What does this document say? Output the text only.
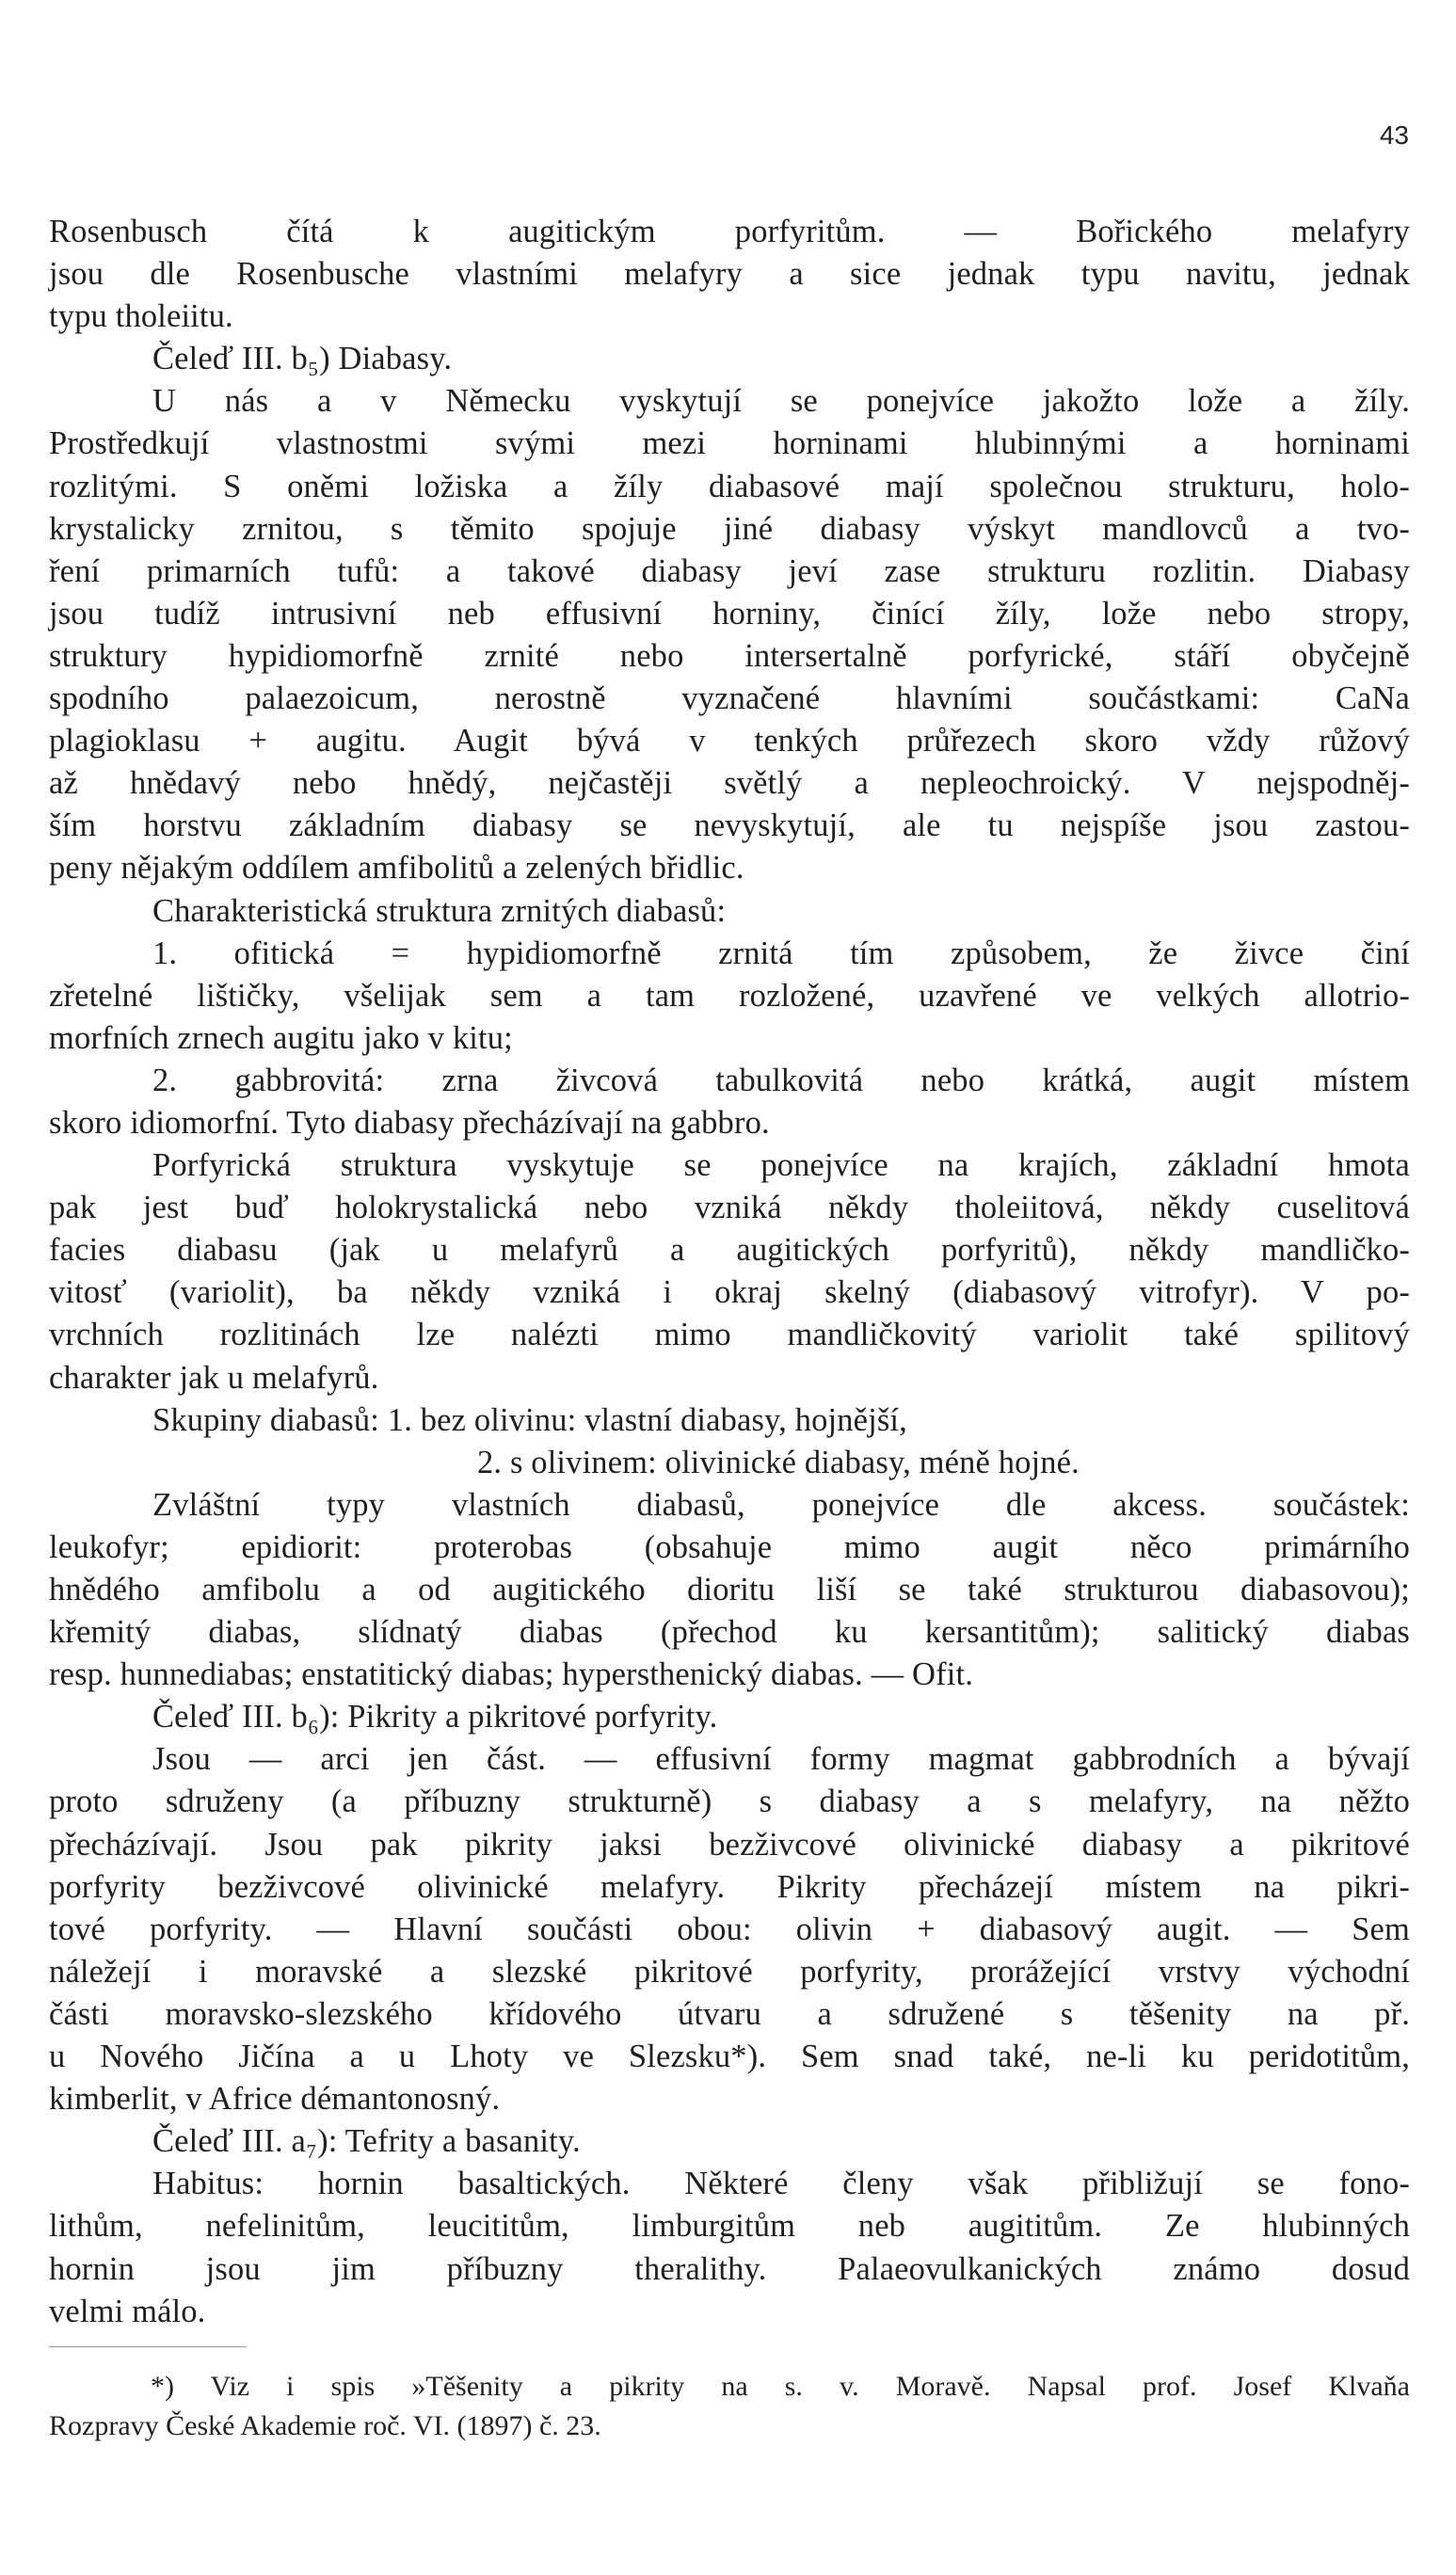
43
Rosenbusch čítá k augitickým porfyritům. — Bořického melafyry
jsou dle Rosenbusche vlastními melafyry a sice jednak typu navitu, jednak
typu tholeiitu.
Čeleď III. b₅) Diabasy.
U nás a v Německu vyskytují se ponejvíce jakožto lože a žíly.
Prostředkují vlastnostmi svými mezi horninami hlubinnými a horninami
rozlitými. S oněmi ložiska a žíly diabasové mají společnou strukturu, holo-
krystalicky zrnitou, s těmito spojuje jiné diabasy výskyt mandlovců a tvo-
ření primarních tufů: a takové diabasy jeví zase strukturu rozlitin. Diabasy
jsou tudíž intrusivní neb effusivní horniny, činící žíly, lože nebo stropy,
struktury hypidiomorfně zrnité nebo intersertalně porfyrické, stáří obyčejně
spodního palaezoicum, nerostně vyznačené hlavními součástkami: CaNa
plagioklasu + augitu. Augit bývá v tenkých průřezech skoro vždy růžový
až hnědavý nebo hnědý, nejčastěji světlý a nepleochroický. V nejspodněj-
ším horstvu základním diabasy se nevyskytují, ale tu nejspíše jsou zastou-
peny nějakým oddílem amfibolitů a zelených břidlic.
Charakteristická struktura zrnitých diabasů:
1. ofitická = hypidiomorfně zrnitá tím způsobem, že živce činí
zřetelné lištičky, všelijak sem a tam rozložené, uzavřené ve velkých allotrio-
morfních zrnech augitu jako v kitu;
2. gabbrovitá: zrna živcová tabulkovitá nebo krátká, augit místem
skoro idiomorfní. Tyto diabasy přecházívají na gabbro.
Porfyrická struktura vyskytuje se ponejvíce na krajích, základní hmota
pak jest buď holokrystalická nebo vzniká někdy tholeiitová, někdy cuselitová
facies diabasu (jak u melafyrů a augitických porfyritů), někdy mandličko-
vitosť (variolit), ba někdy vzniká i okraj skelný (diabasový vitrofyr). V po-
vrchních rozlitinách lze nalézti mimo mandličkovitý variolit také spilitový
charakter jak u melafyrů.
Skupiny diabasů: 1. bez olivinu: vlastní diabasy, hojnější,
2. s olivinem: olivinické diabasy, méně hojné.
Zvláštní typy vlastních diabasů, ponejvíce dle akcess. součástek:
leukofyr; epidiorit: proterobas (obsahuje mimo augit něco primárního
hnědého amfibolu a od augitického dioritu liší se také strukturou diabasovou);
křemitý diabas, slídnatý diabas (přechod ku kersantitům); salitický diabas
resp. hunnediabas; enstatitický diabas; hypersthenický diabas. — Ofit.
Čeleď III. b₆): Pikrity a pikritové porfyrity.
Jsou — arci jen část. — effusivní formy magmat gabbrodních a bývají
proto sdruženy (a příbuzny strukturně) s diabasy a s melafyry, na něžto
přecházívají. Jsou pak pikrity jaksi bezživcové olivinické diabasy a pikritové
porfyrity bezživcové olivinické melafyry. Pikrity přecházejí místem na pikri-
tové porfyrity. — Hlavní součásti obou: olivin + diabasový augit. — Sem
náležejí i moravské a slezské pikritové porfyrity, prorážející vrstvy východní
části moravsko-slezského křídového útvaru a sdružené s těšenity na př.
u Nového Jičína a u Lhoty ve Slezsku*). Sem snad také, ne-li ku peridotitům,
kimberlit, v Africe démantonosný.
Čeleď III. a₇): Tefrity a basanity.
Habitus: hornin basaltických. Některé členy však přibližují se fono-
lithům, nefelinitům, leucititům, limburgitům neb augititům. Ze hlubinných
hornin jsou jim příbuzny theralithy. Palaeovulkanických známo dosud
velmi málo.
*) Viz i spis »Těšenity a pikrity na s. v. Moravě. Napsal prof. Josef Klvaňa
Rozpravy České Akademie roč. VI. (1897) č. 23.
